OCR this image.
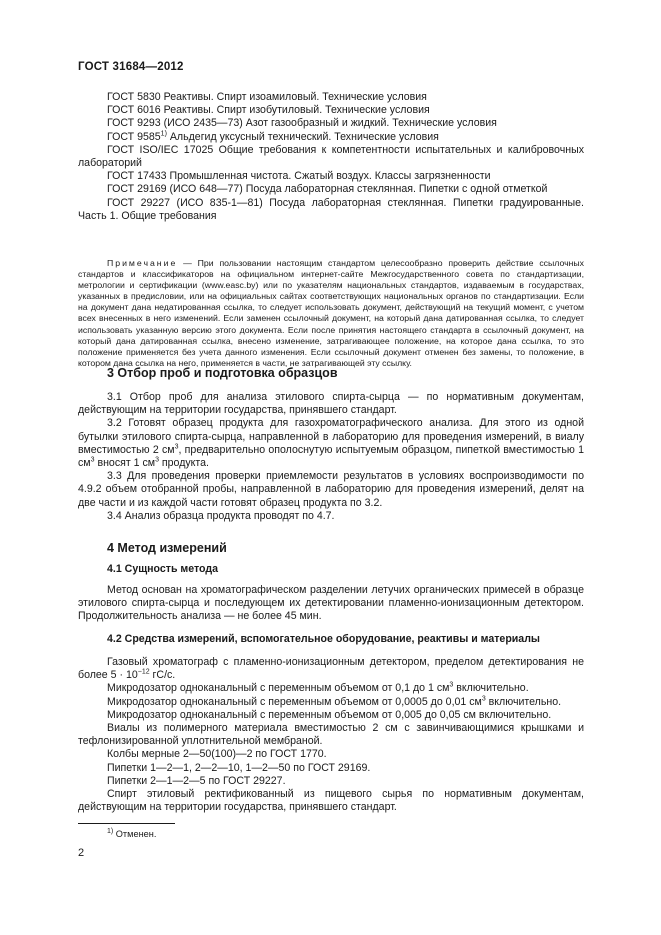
ГОСТ 31684—2012

ГОСТ 5830 Реактивы. Спирт изоамиловый. Технические условия

ГОСТ 6016 Реактивы. Спирт изобутиловый. Технические условия

ГОСТ 9293 (ИСО 2435—73) Азот газообразный и жидкий. Технические условия

ГОСТ 9585$^{1)}$ Альдегид уксусный технический. Технические условия

ГОСТ ISO/IEC 17025 Общие требования к компетентности испытательных и калибровочных лабораторий

ГОСТ 17433 Промышленная чистота. Сжатый воздух. Классы загрязненности

ГОСТ 29169 (ИСО 648—77) Посуда лабораторная стеклянная. Пипетки с одной отметкой

ГОСТ 29227 (ИСО 835-1—81) Посуда лабораторная стеклянная. Пипетки градуированные. Часть 1. Общие требования

Примечание — При пользовании настоящим стандартом целесообразно проверить действие ссылочных стандартов и классификаторов на официальном интернет-сайте Межгосударственного совета по стандартизации, метрологии и сертификации (www.easc.by) или по указателям национальных стандартов, издаваемым в государствах, указанных в предисловии, или на официальных сайтах соответствующих национальных органов по стандартизации. Если на документ дана недатированная ссылка, то следует использовать документ, действующий на текущий момент, с учетом всех внесенных в него изменений. Если заменен ссылочный документ, на который дана датированная ссылка, то следует использовать указанную версию этого документа. Если после принятия настоящего стандарта в ссылочный документ, на который дана датированная ссылка, внесено изменение, затрагивающее положение, на которое дана ссылка, то это положение применяется без учета данного изменения. Если ссылочный документ отменен без замены, то положение, в котором дана ссылка на него, применяется в части, не затрагивающей эту ссылку.

3 Отбор проб и подготовка образцов

3.1 Отбор проб для анализа этилового спирта-сырца — по нормативным документам, действующим на территории государства, принявшего стандарт.

3.2 Готовят образец продукта для газохроматографического анализа. Для этого из одной бутылки этилового спирта-сырца, направленной в лабораторию для проведения измерений, в виалу вместимостью 2 $см^3$, предварительно ополоснутую испытуемым образцом, пипеткой вместимостью 1 $см^3$ вносят 1 $см^3$ продукта.

3.3 Для проведения проверки приемлемости результатов в условиях воспроизводимости по 4.9.2 объем отобранной пробы, направленной в лабораторию для проведения измерений, делят на две части и из каждой части готовят образец продукта по 3.2.

3.4 Анализ образца продукта проводят по 4.7.

4 Метод измерений
4.1 Сущность метода

Метод основан на хроматографическом разделении летучих органических примесей в образце этилового спирта-сырца и последующем их детектировании пламенно-ионизационным детектором. Продолжительность анализа — не более 45 мин.

4.2 Средства измерений, вспомогательное оборудование, реактивы и материалы

Газовый хроматограф с пламенно-ионизационным детектором, пределом детектирования не более $5 \cdot 10^{-12}$ гС/с.

Микродозатор одноканальный с переменным объемом от 0,1 до 1 $см^3$ включительно.

Микродозатор одноканальный с переменным объемом от 0,0005 до 0,01 $см^3$ включительно.

Микродозатор одноканальный с переменным объемом от 0,005 до 0,05 см включительно.

Виалы из полимерного материала вместимостью 2 см с завинчивающимися крышками и тефлонизированной уплотнительной мембраной.

Колбы мерные 2—50(100)—2 по ГОСТ 1770.

Пипетки 1—2—1, 2—2—10, 1—2—50 по ГОСТ 29169.

Пипетки 2—1—2—5 по ГОСТ 29227.

Спирт этиловый ректификованный из пищевого сырья по нормативным документам, действующим на территории государства, принявшего стандарт.

$^{1)}$ Отменен.
2
